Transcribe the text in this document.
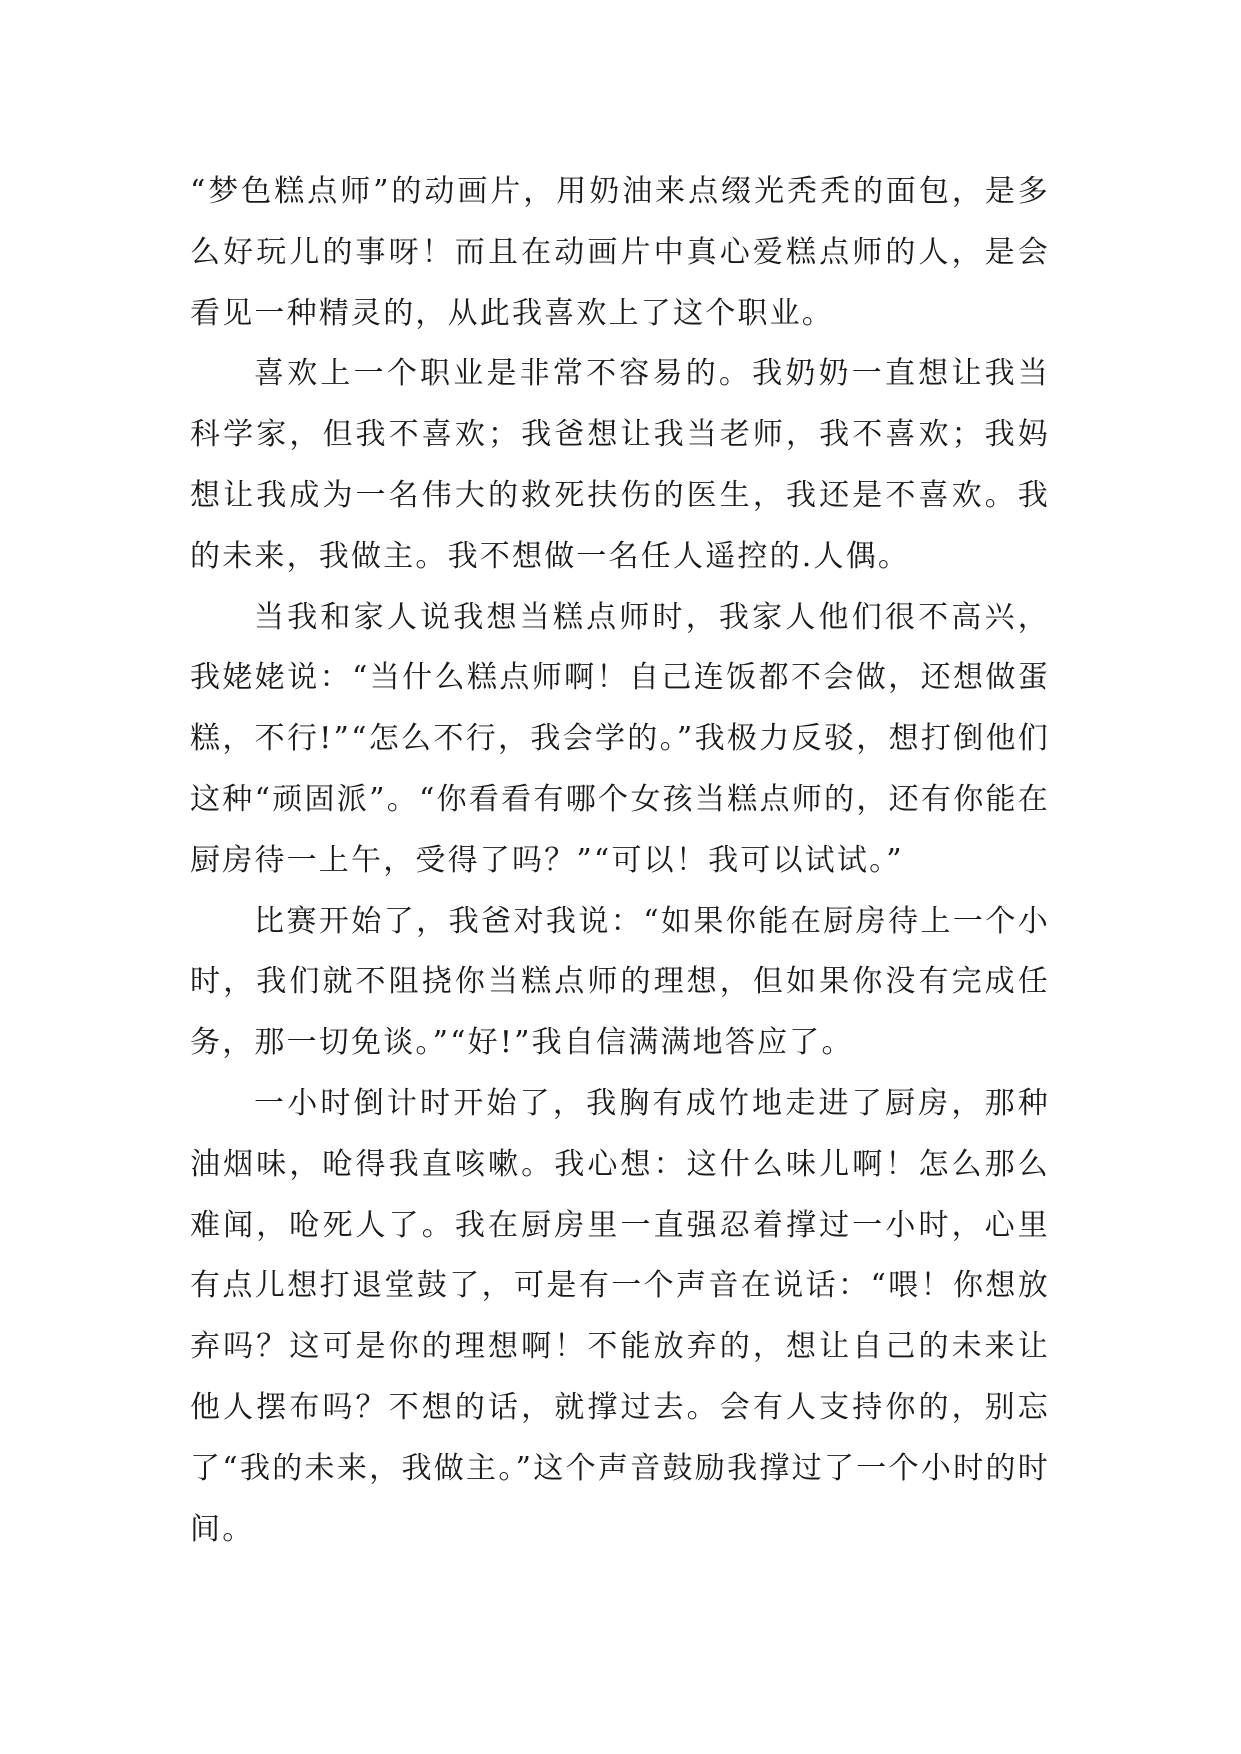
“梦色糕点师”的动画片，用奶油来点缀光秃秃的面包，是多么好玩儿的事呀！而且在动画片中真心爱糕点师的人，是会看见一种精灵的，从此我喜欢上了这个职业。

喜欢上一个职业是非常不容易的。我奶奶一直想让我当科学家，但我不喜欢；我爸想让我当老师，我不喜欢；我妈想让我成为一名伟大的救死扶伤的医生，我还是不喜欢。我的未来，我做主。我不想做一名任人遥控的.人偶。

当我和家人说我想当糕点师时，我家人他们很不高兴，我姥姥说：“当什么糕点师啊！自己连饭都不会做，还想做蛋糕，不行!”“怎么不行，我会学的。”我极力反驳，想打倒他们这种“顽固派”。“你看看有哪个女孩当糕点师的，还有你能在厨房待一上午，受得了吗？”“可以！我可以试试。”

比赛开始了，我爸对我说：“如果你能在厨房待上一个小时，我们就不阻挠你当糕点师的理想，但如果你没有完成任务，那一切免谈。”“好!”我自信满满地答应了。

一小时倒计时开始了，我胸有成竹地走进了厨房，那种油烟味，呛得我直咳嗽。我心想：这什么味儿啊！怎么那么难闻，呛死人了。我在厨房里一直强忍着撑过一小时，心里有点儿想打退堂鼓了，可是有一个声音在说话：“喂！你想放弃吗？这可是你的理想啊！不能放弃的，想让自己的未来让他人摆布吗？不想的话，就撑过去。会有人支持你的，别忘了“我的未来，我做主。”这个声音鼓励我撑过了一个小时的时间。
